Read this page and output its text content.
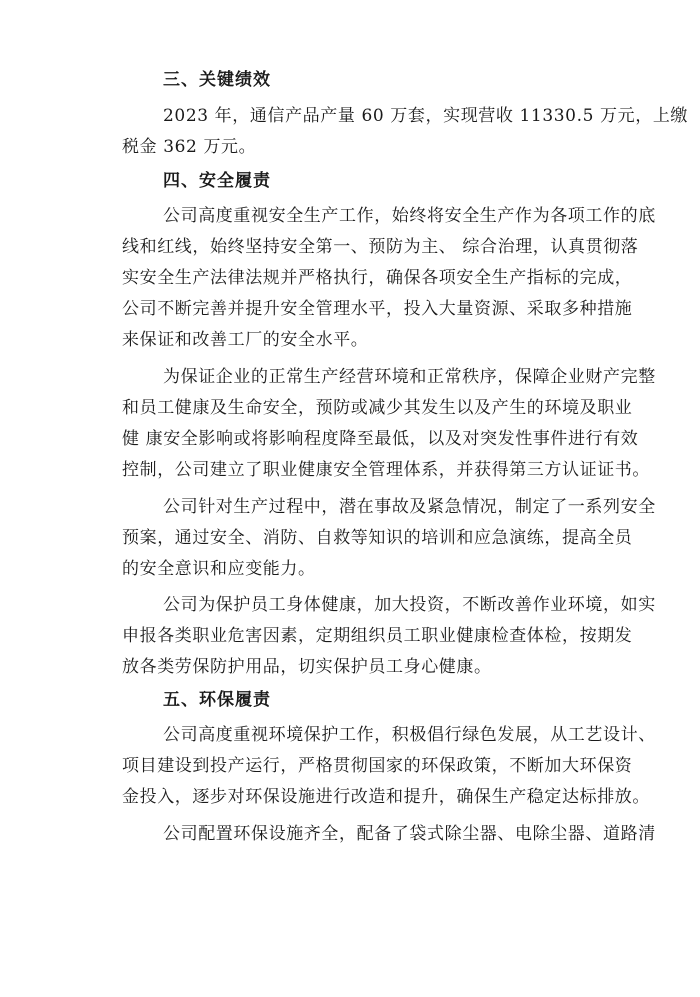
三、关键绩效
2023 年，通信产品产量 60 万套，实现营收 11330.5 万元，上缴
税金 362 万元。
四、安全履责
公司高度重视安全生产工作，始终将安全生产作为各项工作的底
线和红线，始终坚持安全第一、预防为主、 综合治理，认真贯彻落
实安全生产法律法规并严格执行，确保各项安全生产指标的完成，
公司不断完善并提升安全管理水平，投入大量资源、采取多种措施
来保证和改善工厂的安全水平。
为保证企业的正常生产经营环境和正常秩序，保障企业财产完整
和员工健康及生命安全，预防或减少其发生以及产生的环境及职业
健 康安全影响或将影响程度降至最低，以及对突发性事件进行有效
控制，公司建立了职业健康安全管理体系，并获得第三方认证证书。
公司针对生产过程中，潜在事故及紧急情况，制定了一系列安全
预案，通过安全、消防、自救等知识的培训和应急演练，提高全员
的安全意识和应变能力。
公司为保护员工身体健康，加大投资，不断改善作业环境，如实
申报各类职业危害因素，定期组织员工职业健康检查体检，按期发
放各类劳保防护用品，切实保护员工身心健康。
五、环保履责
公司高度重视环境保护工作，积极倡行绿色发展，从工艺设计、
项目建设到投产运行，严格贯彻国家的环保政策，不断加大环保资
金投入，逐步对环保设施进行改造和提升，确保生产稳定达标排放。
公司配置环保设施齐全，配备了袋式除尘器、电除尘器、道路清
